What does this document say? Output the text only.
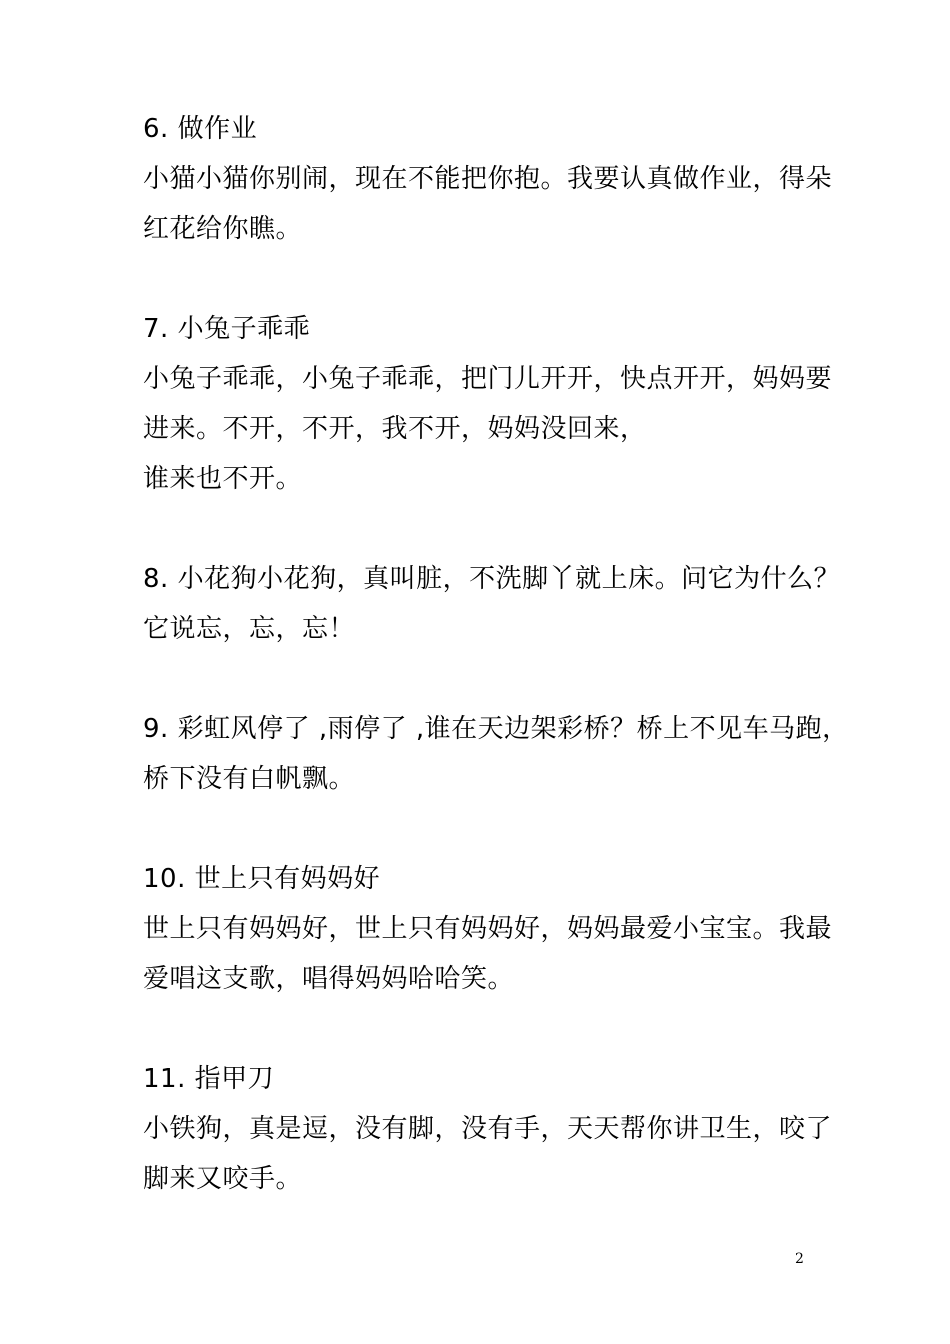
6. 做作业
小猫小猫你别闹，现在不能把你抱。我要认真做作业，得朵
红花给你瞧。
7. 小兔子乖乖
小兔子乖乖，小兔子乖乖，把门儿开开，快点开开，妈妈要
进来。不开，不开，我不开，妈妈没回来，
谁来也不开。
8. 小花狗小花狗，真叫脏，不洗脚丫就上床。问它为什么？
它说忘，忘，忘！
9. 彩虹风停了 ,雨停了 ,谁在天边架彩桥？桥上不见车马跑，
桥下没有白帆飘。
10. 世上只有妈妈好
世上只有妈妈好，世上只有妈妈好，妈妈最爱小宝宝。我最
爱唱这支歌，唱得妈妈哈哈笑。
11. 指甲刀
小铁狗，真是逗，没有脚，没有手，天天帮你讲卫生，咬了
脚来又咬手。
2
